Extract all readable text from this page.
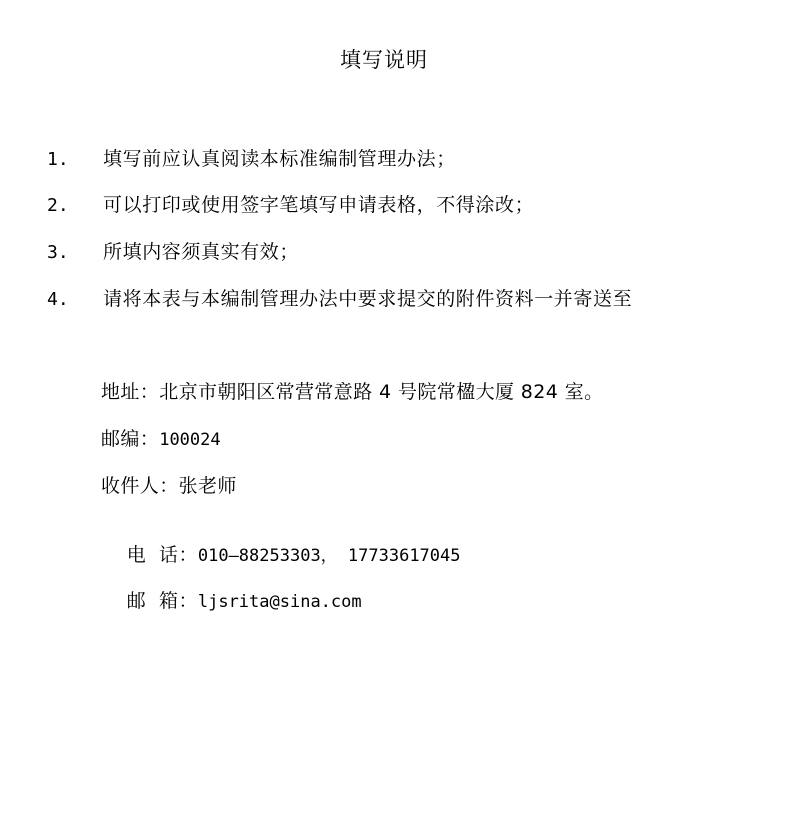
填写说明
1.	填写前应认真阅读本标准编制管理办法；
2.	可以打印或使用签字笔填写申请表格，不得涂改；
3.	所填内容须真实有效；
4.	请将本表与本编制管理办法中要求提交的附件资料一并寄送至
地址：北京市朝阳区常营常意路 4 号院常楹大厦 824 室。
邮编：100024
收件人：张老师

电  话：010—88253303， 17733617045

邮  箱：ljsrita@sina.com
